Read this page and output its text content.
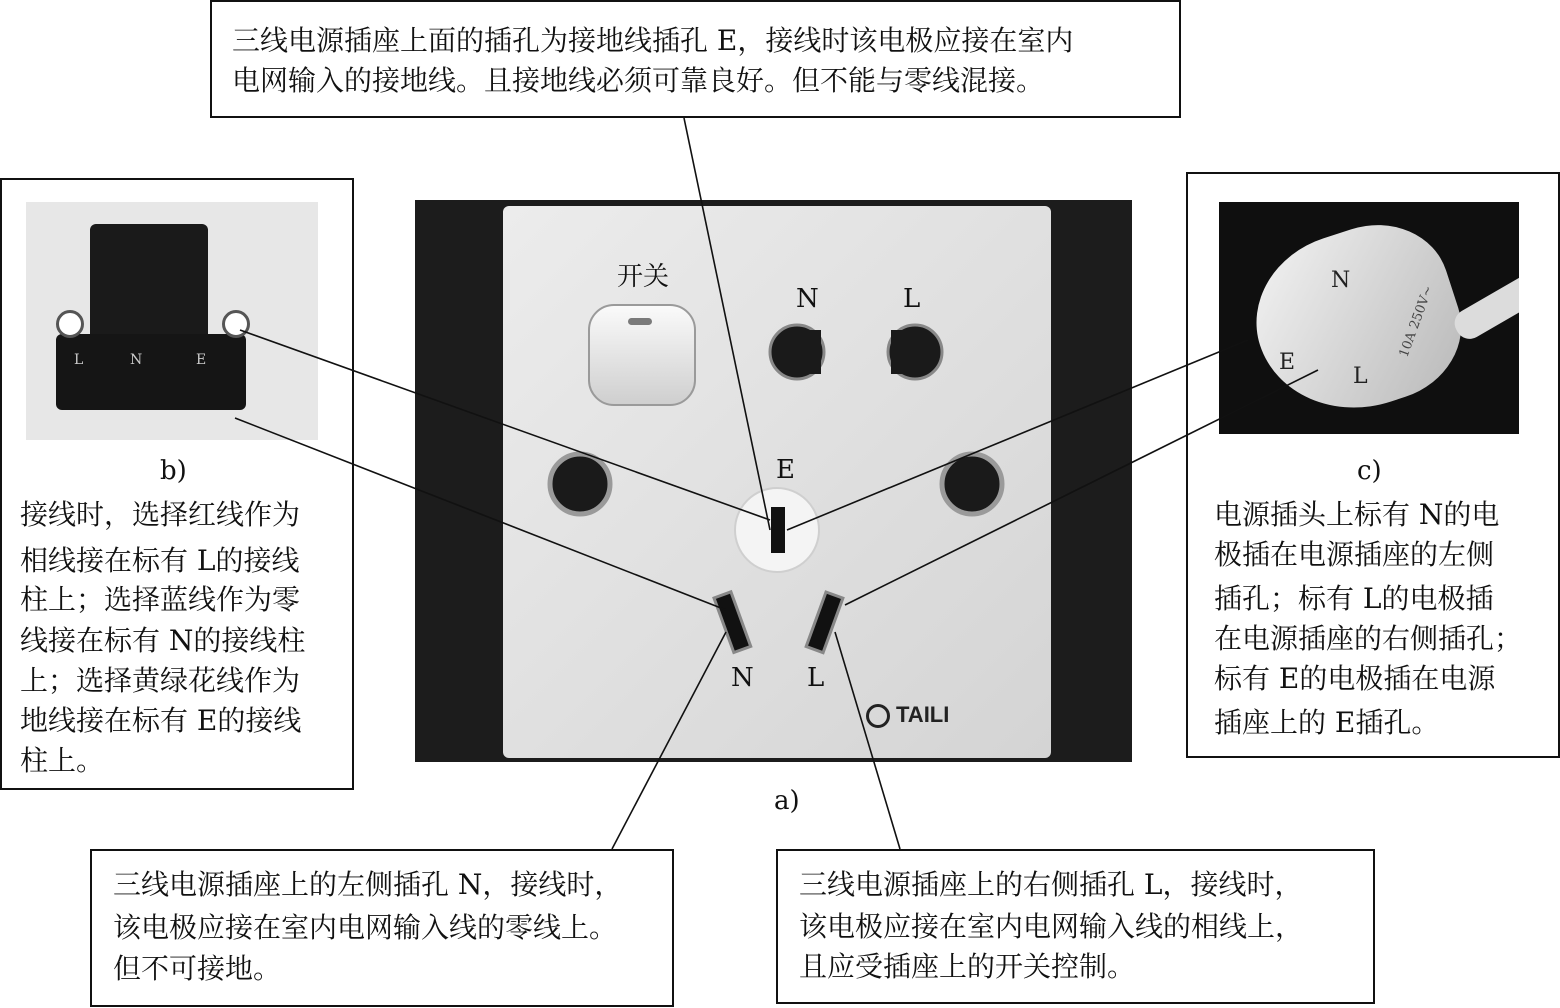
开关
N	L
E
N L
TAILI
a)
L	N	E
N
E
L
10A 250V~
三线电源插座上面的插孔为接地线插孔 E，接线时该电极应接在室内
电网输入的接地线。且接地线必须可靠良好。但不能与零线混接。
b)
接线时，选择红线作为
相线接在标有 L的接线
柱上；选择蓝线作为零
线接在标有 N的接线柱
上；选择黄绿花线作为
地线接在标有 E的接线
柱上。
c)
电源插头上标有 N的电
极插在电源插座的左侧
插孔；标有 L的电极插
在电源插座的右侧插孔；
标有 E的电极插在电源
插座上的 E插孔。
三线电源插座上的左侧插孔 N，接线时，
该电极应接在室内电网输入线的零线上。
但不可接地。
三线电源插座上的右侧插孔 L，接线时，
该电极应接在室内电网输入线的相线上，
且应受插座上的开关控制。
